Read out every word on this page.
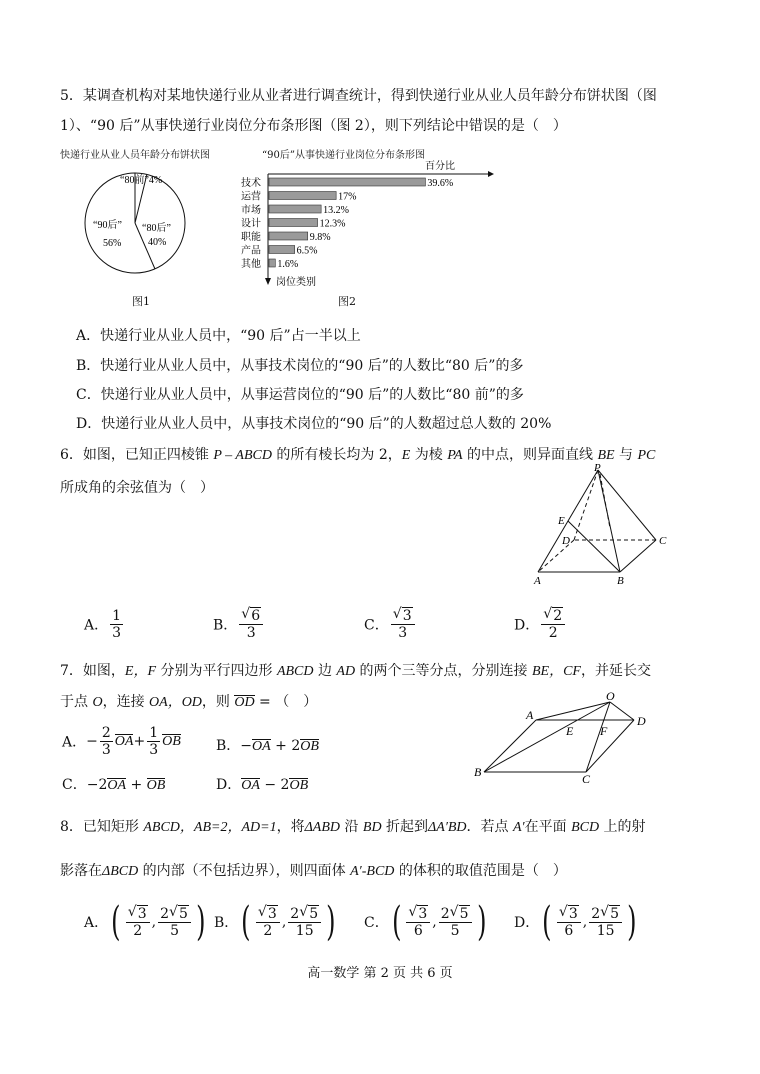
5．某调查机构对某地快递行业从业者进行调查统计，得到快递行业从业人员年龄分布饼状图（图
1）、“90 后”从事快递行业岗位分布条形图（图 2），则下列结论中错误的是（　）
快递行业从业人员年龄分布饼状图
“80前”4%
“80后”
40%
“90后”
56%
图1
“90后”从事快递行业岗位分布条形图
百分比
岗位类别
技术	39.6%
运营	17%
市场	13.2%
设计	12.3%
职能	9.8%
产品	6.5%
其他 1.6%
图2
A．快递行业从业人员中，“90 后”占一半以上
B．快递行业从业人员中，从事技术岗位的“90 后”的人数比“80 后”的多
C．快递行业从业人员中，从事运营岗位的“90 后”的人数比“80 前”的多
D．快递行业从业人员中，从事技术岗位的“90 后”的人数超过总人数的 20%
6．如图，已知正四棱锥 P – ABCD 的所有棱长均为 2，E 为棱 PA 的中点，则异面直线 BE 与 PC
所成角的余弦值为（　）
P
E
D	C
A	B
A． $\frac{1}{3}$	B． √ $\frac{6}{3}$	C． √ $\frac{3}{3}$	D． √ $\frac{2}{2}$
7．如图，E，F 分别为平行四边形 ABCD 边 AD 的两个三等分点，分别连接 BE，CF，并延长交
于点 O，连接 OA，OD，则 OD = （　）	O
A
E F
D
B	C
A．− $\frac{2}{3} OA+ \frac{1}{3}$ OB	B．−OA + 2OB
C．−2OA + OB	D．OA − 2OB
8．已知矩形 ABCD，AB=2，AD=1，将ΔABD 沿 BD 折起到ΔA′BD．若点 A′在平面 BCD 上的射
影落在ΔBCD 的内部（不包括边界），则四面体 A′-BCD 的体积的取值范围是（　）
A．( √ $\frac{3}{2}$ , $\frac{2 √ 5}{5}$ ) B．( √ $\frac{3}{2}$ , $\frac{2 √ 5}{15}$ ) C．( √ $\frac{3}{6}$ , $\frac{2 √ 5}{5}$ ) D．( √ $\frac{3}{6}$ , $\frac{2 √ 5}{15}$ )
高一数学 第 2 页 共 6 页
